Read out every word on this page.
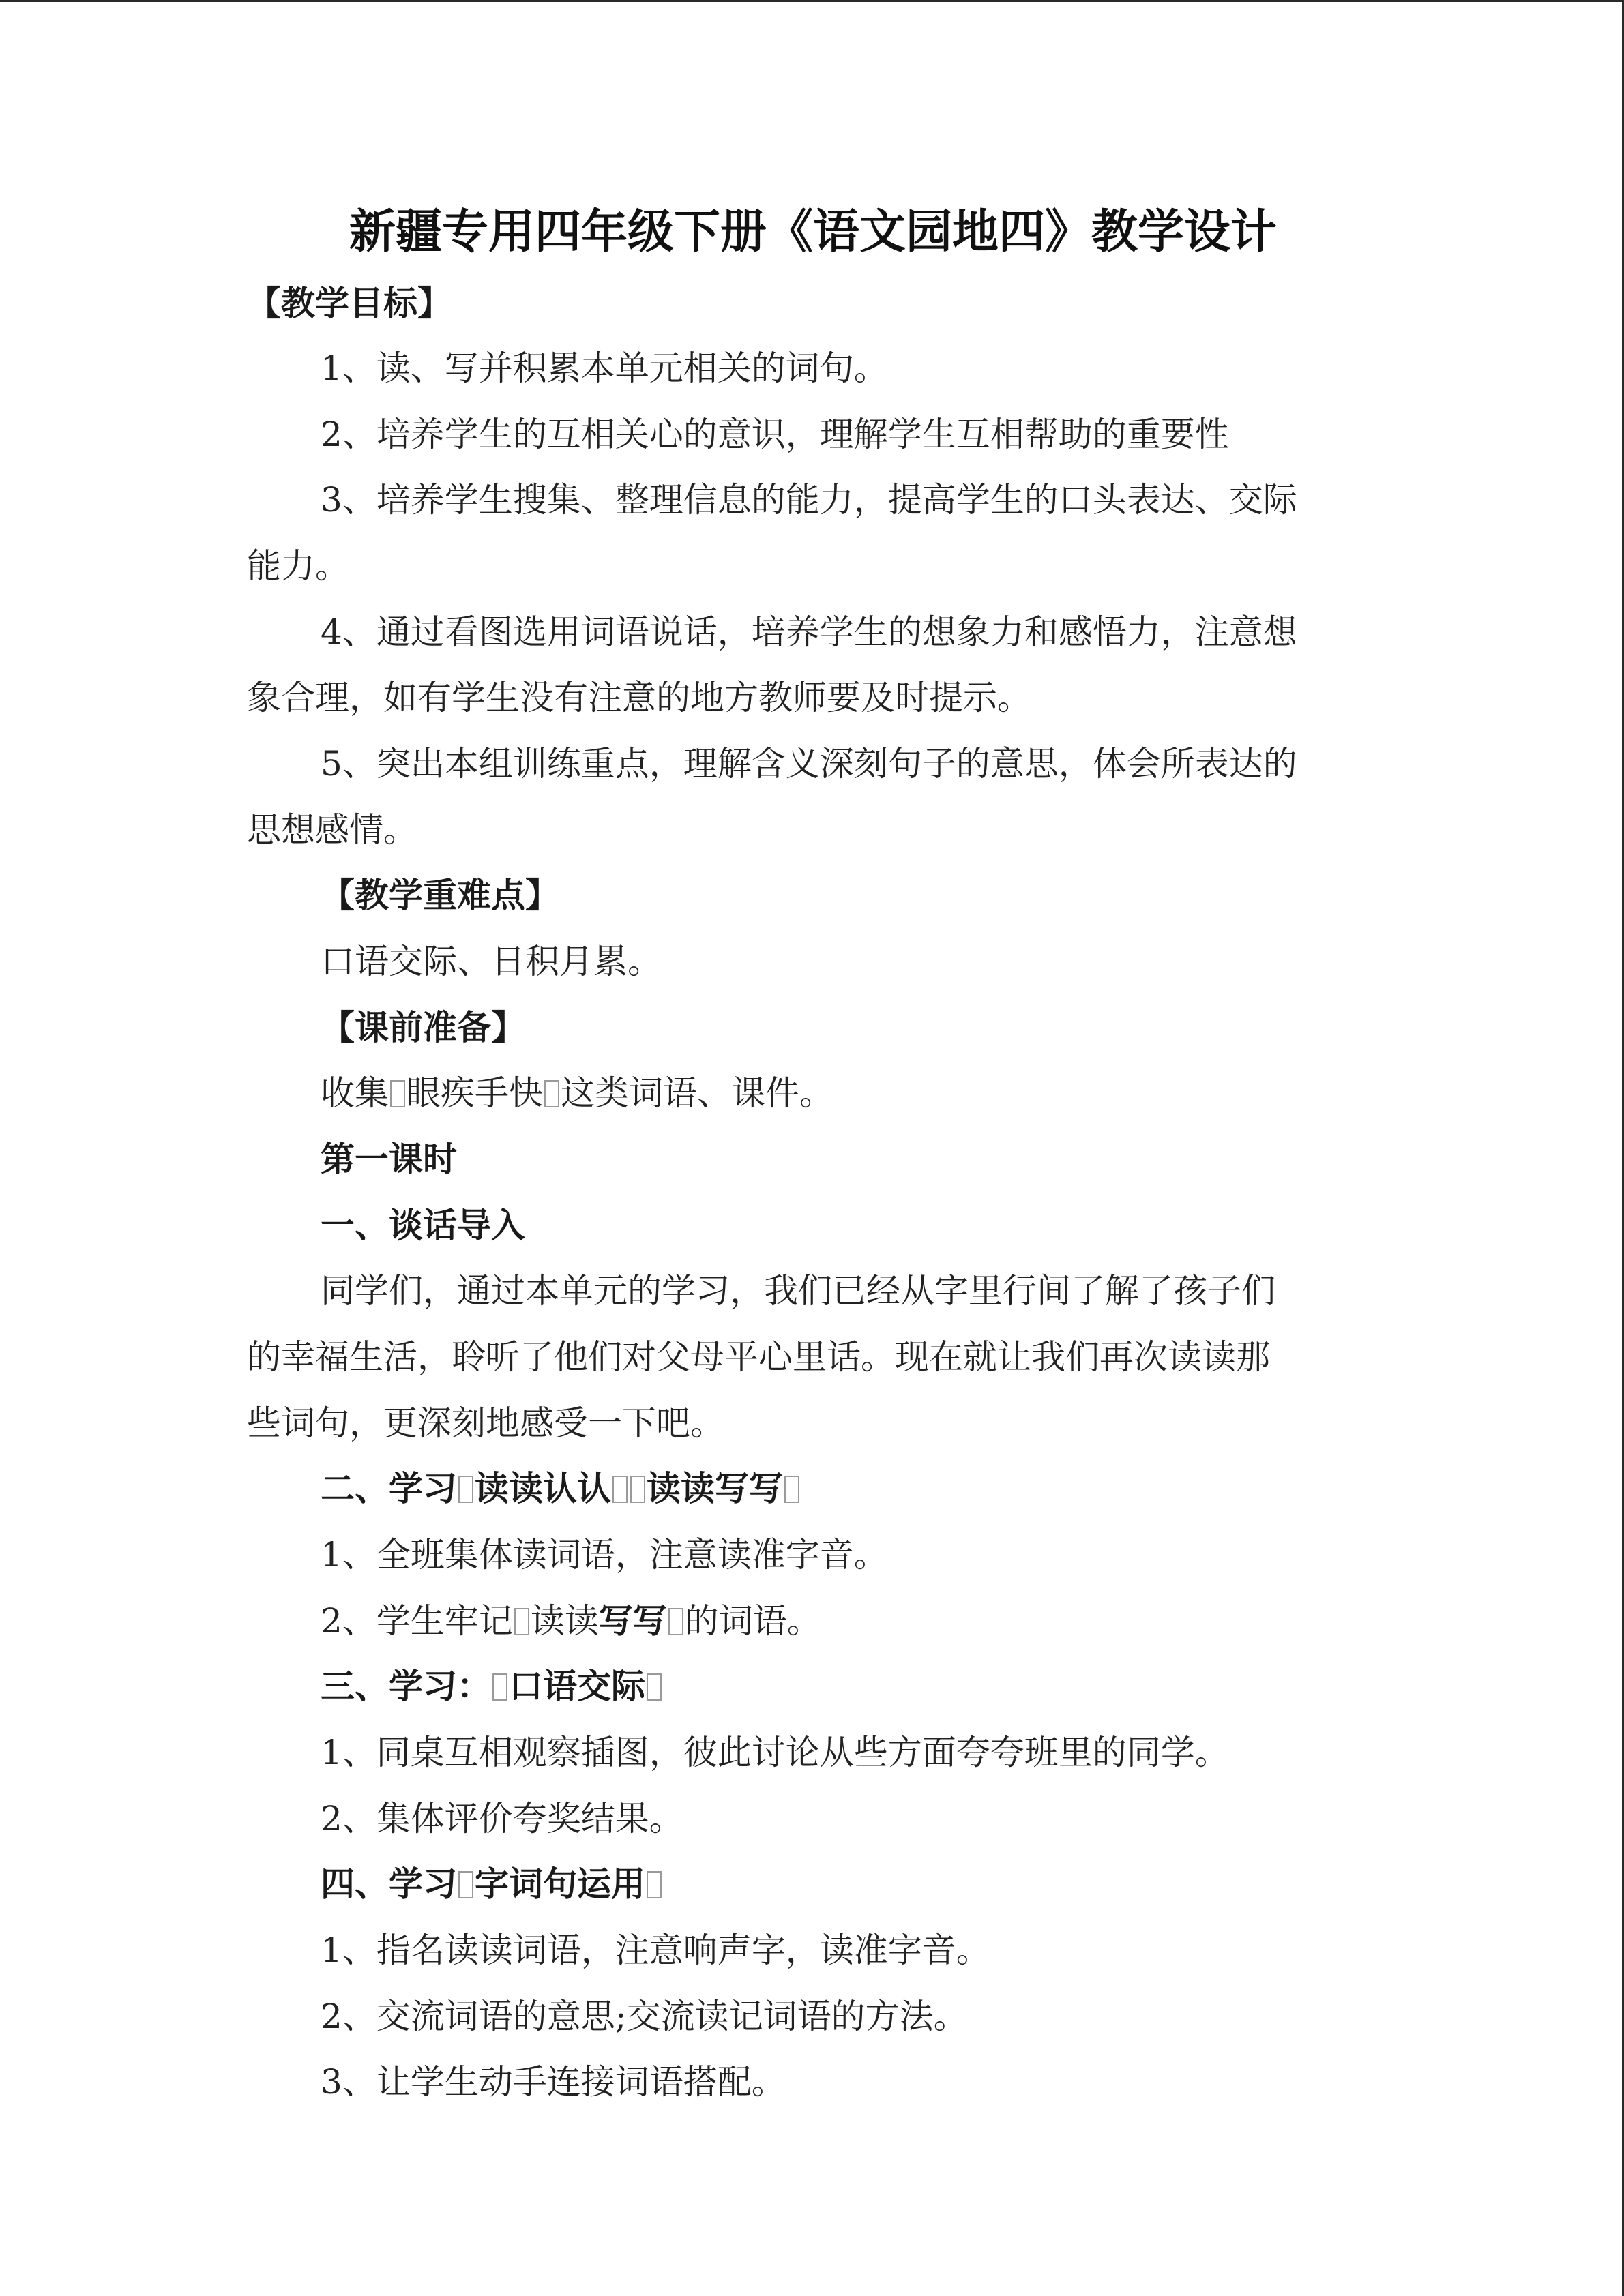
新疆专用四年级下册《语文园地四》教学设计
【教学目标】
1、读、写并积累本单元相关的词句。
2、培养学生的互相关心的意识，理解学生互相帮助的重要性
3、培养学生搜集、整理信息的能力，提高学生的口头表达、交际
能力。
4、通过看图选用词语说话，培养学生的想象力和感悟力，注意想
象合理，如有学生没有注意的地方教师要及时提示。
5、突出本组训练重点，理解含义深刻句子的意思，体会所表达的
思想感情。
【教学重难点】
口语交际、日积月累。
【课前准备】
收集 眼疾手快 这类词语、课件。
第一课时
一、谈话导入
同学们，通过本单元的学习，我们已经从字里行间了解了孩子们
的幸福生活，聆听了他们对父母平心里话。现在就让我们再次读读那
些词句，更深刻地感受一下吧。
二、学习 读读认认 读读写写
1、全班集体读词语，注意读准字音。
2、学生牢记 读读写写 的词语。
三、学习： 口语交际
1、同桌互相观察插图，彼此讨论从些方面夸夸班里的同学。
2、集体评价夸奖结果。
四、学习 字词句运用
1、指名读读词语，注意响声字，读准字音。
2、交流词语的意思;交流读记词语的方法。
3、让学生动手连接词语搭配。
